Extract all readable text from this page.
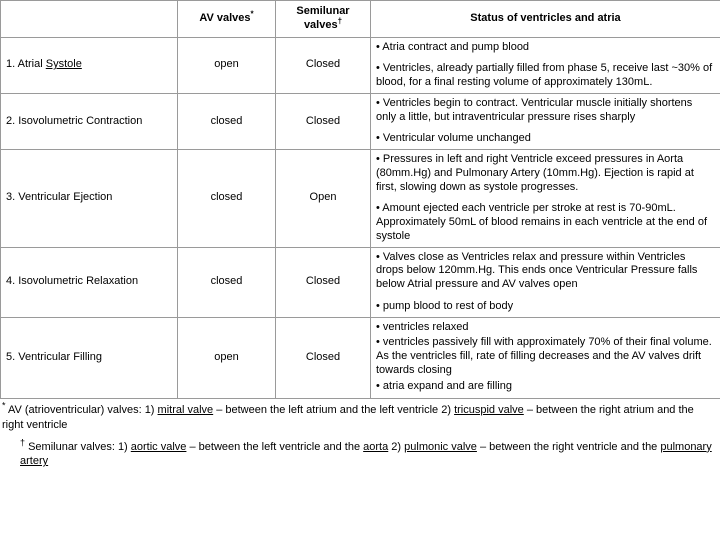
	AV valves*	Semilunar valves†	Status of ventricles and atria
1. Atrial Systole	open	Closed	• Atria contract and pump blood

• Ventricles, already partially filled from phase 5, receive last ~30% of blood, for a final resting volume of approximately 130mL.

2. Isovolumetric Contraction	closed	Closed	• Ventricles begin to contract. Ventricular muscle initially shortens only a little, but intraventricular pressure rises sharply

• Ventricular volume unchanged

3. Ventricular Ejection	closed	Open	• Pressures in left and right Ventricle exceed pressures in Aorta (80mm.Hg) and Pulmonary Artery (10mm.Hg). Ejection is rapid at first, slowing down as systole progresses.

• Amount ejected each ventricle per stroke at rest is 70-90mL. Approximately 50mL of blood remains in each ventricle at the end of systole

4. Isovolumetric Relaxation	closed	Closed	• Valves close as Ventricles relax and pressure within Ventricles drops below 120mm.Hg. This ends once Ventricular Pressure falls below Atrial pressure and AV valves open

• pump blood to rest of body

5. Ventricular Filling	open	Closed	• ventricles relaxed

• ventricles passively fill with approximately 70% of their final volume. As the ventricles fill, rate of filling decreases and the AV valves drift towards closing

• atria expand and are filling

* AV (atrioventricular) valves: 1) mitral valve – between the left atrium and the left ventricle 2) tricuspid valve – between the right atrium and the right ventricle

† Semilunar valves: 1) aortic valve – between the left ventricle and the aorta 2) pulmonic valve – between the right ventricle and the pulmonary artery
